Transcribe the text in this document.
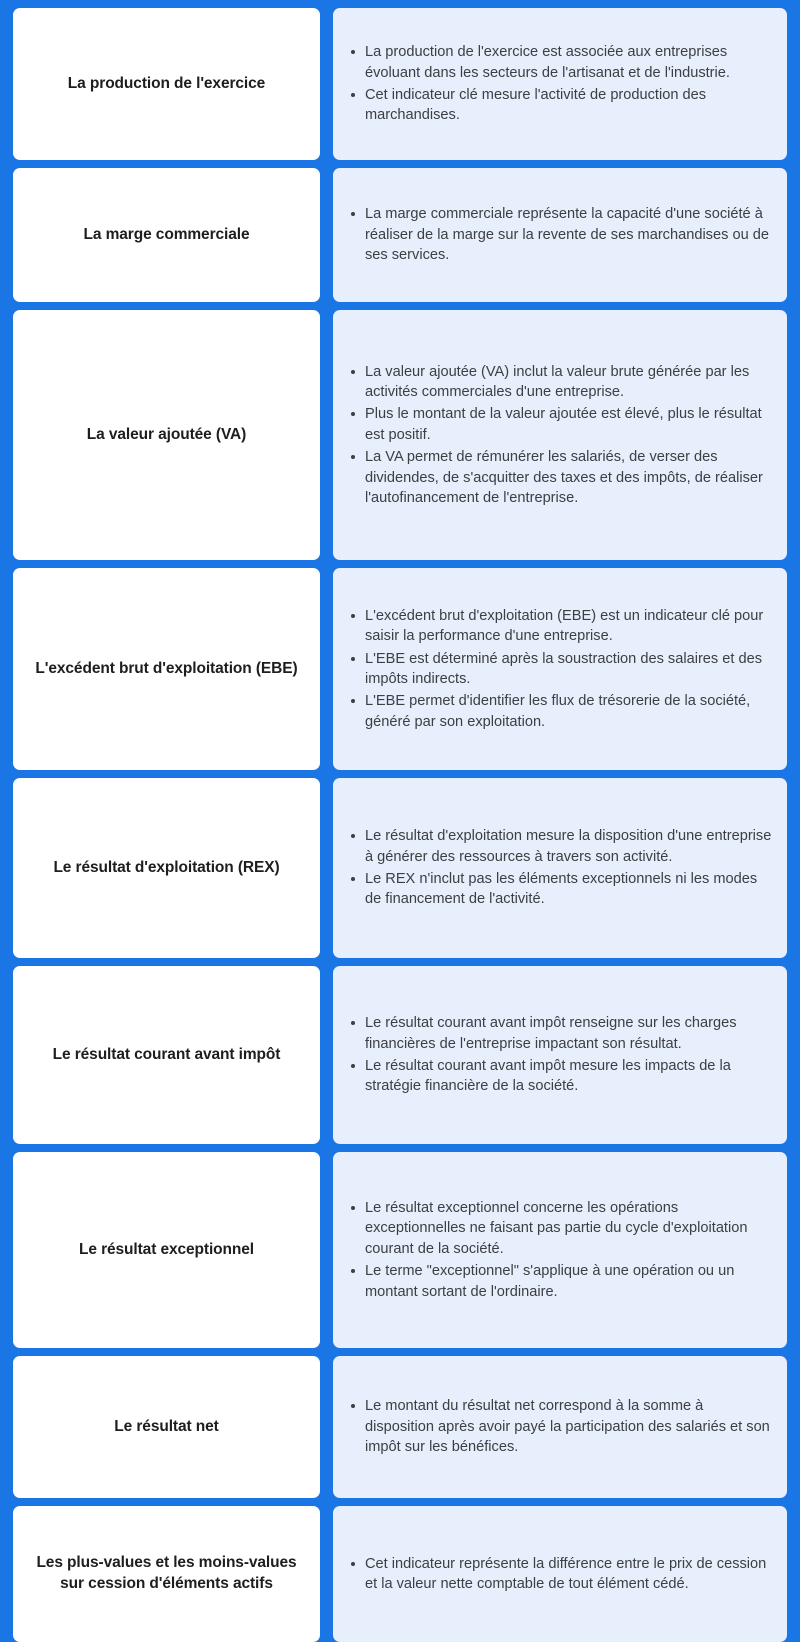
La production de l'exercice
La production de l'exercice est associée aux entreprises évoluant dans les secteurs de l'artisanat et de l'industrie.
Cet indicateur clé mesure l'activité de production des marchandises.
La marge commerciale
La marge commerciale représente la capacité d'une société à réaliser de la marge sur la revente de ses marchandises ou de ses services.
La valeur ajoutée (VA)
La valeur ajoutée (VA) inclut la valeur brute générée par les activités commerciales d'une entreprise.
Plus le montant de la valeur ajoutée est élevé, plus le résultat est positif.
La VA permet de rémunérer les salariés, de verser des dividendes, de s'acquitter des taxes et des impôts, de réaliser l'autofinancement de l'entreprise.
L'excédent brut d'exploitation (EBE)
L'excédent brut d'exploitation (EBE) est un indicateur clé pour saisir la performance d'une entreprise.
L'EBE est déterminé après la soustraction des salaires et des impôts indirects.
L'EBE permet d'identifier les flux de trésorerie de la société, généré par son exploitation.
Le résultat d'exploitation (REX)
Le résultat d'exploitation mesure la disposition d'une entreprise à générer des ressources à travers son activité.
Le REX n'inclut pas les éléments exceptionnels ni les modes de financement de l'activité.
Le résultat courant avant impôt
Le résultat courant avant impôt renseigne sur les charges financières de l'entreprise impactant son résultat.
Le résultat courant avant impôt mesure les impacts de la stratégie financière de la société.
Le résultat exceptionnel
Le résultat exceptionnel concerne les opérations exceptionnelles ne faisant pas partie du cycle d'exploitation courant de la société.
Le terme "exceptionnel" s'applique à une opération ou un montant sortant de l'ordinaire.
Le résultat net
Le montant du résultat net correspond à la somme à disposition après avoir payé la participation des salariés et son impôt sur les bénéfices.
Les plus-values et les moins-values sur cession d'éléments actifs
Cet indicateur représente la différence entre le prix de cession et la valeur nette comptable de tout élément cédé.
